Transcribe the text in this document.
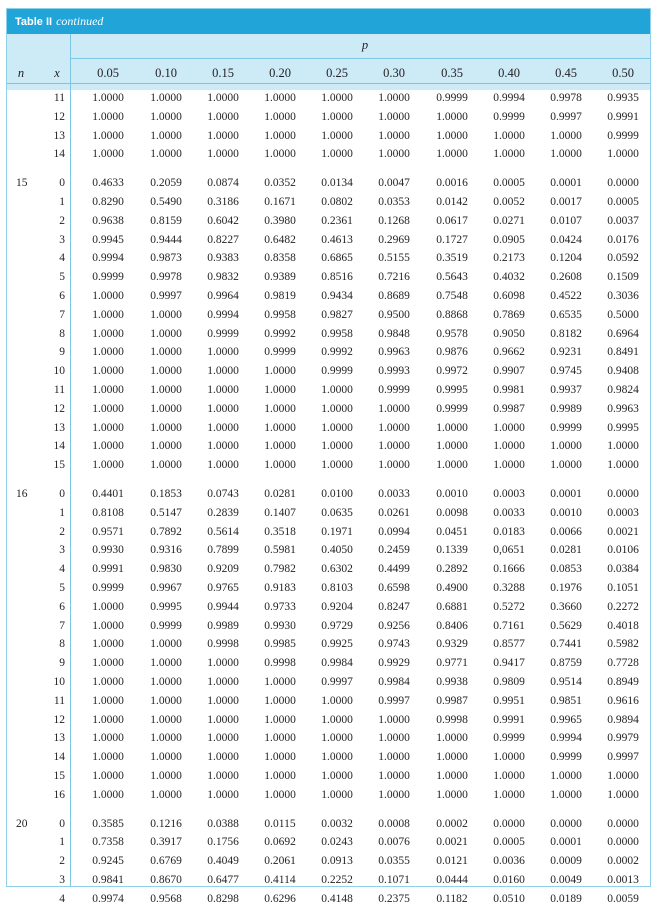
Table II continued
p
n	x	0.05	0.10	0.15	0.20	0.25	0.30	0.35	0.40	0.45	0.50
11	1.0000	1.0000	1.0000	1.0000	1.0000	1.0000	0.9999	0.9994	0.9978	0.9935
12	1.0000	1.0000	1.0000	1.0000	1.0000	1.0000	1.0000	0.9999	0.9997	0.9991
13	1.0000	1.0000	1.0000	1.0000	1.0000	1.0000	1.0000	1.0000	1.0000	0.9999
14	1.0000	1.0000	1.0000	1.0000	1.0000	1.0000	1.0000	1.0000	1.0000	1.0000
15	0	0.4633	0.2059	0.0874	0.0352	0.0134	0.0047	0.0016	0.0005	0.0001	0.0000
1	0.8290	0.5490	0.3186	0.1671	0.0802	0.0353	0.0142	0.0052	0.0017	0.0005
2	0.9638	0.8159	0.6042	0.3980	0.2361	0.1268	0.0617	0.0271	0.0107	0.0037
3	0.9945	0.9444	0.8227	0.6482	0.4613	0.2969	0.1727	0.0905	0.0424	0.0176
4	0.9994	0.9873	0.9383	0.8358	0.6865	0.5155	0.3519	0.2173	0.1204	0.0592
5	0.9999	0.9978	0.9832	0.9389	0.8516	0.7216	0.5643	0.4032	0.2608	0.1509
6	1.0000	0.9997	0.9964	0.9819	0.9434	0.8689	0.7548	0.6098	0.4522	0.3036
7	1.0000	1.0000	0.9994	0.9958	0.9827	0.9500	0.8868	0.7869	0.6535	0.5000
8	1.0000	1.0000	0.9999	0.9992	0.9958	0.9848	0.9578	0.9050	0.8182	0.6964
9	1.0000	1.0000	1.0000	0.9999	0.9992	0.9963	0.9876	0.9662	0.9231	0.8491
10	1.0000	1.0000	1.0000	1.0000	0.9999	0.9993	0.9972	0.9907	0.9745	0.9408
11	1.0000	1.0000	1.0000	1.0000	1.0000	0.9999	0.9995	0.9981	0.9937	0.9824
12	1.0000	1.0000	1.0000	1.0000	1.0000	1.0000	0.9999	0.9987	0.9989	0.9963
13	1.0000	1.0000	1.0000	1.0000	1.0000	1.0000	1.0000	1.0000	0.9999	0.9995
14	1.0000	1.0000	1.0000	1.0000	1.0000	1.0000	1.0000	1.0000	1.0000	1.0000
15	1.0000	1.0000	1.0000	1.0000	1.0000	1.0000	1.0000	1.0000	1.0000	1.0000
16	0	0.4401	0.1853	0.0743	0.0281	0.0100	0.0033	0.0010	0.0003	0.0001	0.0000
1	0.8108	0.5147	0.2839	0.1407	0.0635	0.0261	0.0098	0.0033	0.0010	0.0003
2	0.9571	0.7892	0.5614	0.3518	0.1971	0.0994	0.0451	0.0183	0.0066	0.0021
3	0.9930	0.9316	0.7899	0.5981	0.4050	0.2459	0.1339	0,0651	0.0281	0.0106
4	0.9991	0.9830	0.9209	0.7982	0.6302	0.4499	0.2892	0.1666	0.0853	0.0384
5	0.9999	0.9967	0.9765	0.9183	0.8103	0.6598	0.4900	0.3288	0.1976	0.1051
6	1.0000	0.9995	0.9944	0.9733	0.9204	0.8247	0.6881	0.5272	0.3660	0.2272
7	1.0000	0.9999	0.9989	0.9930	0.9729	0.9256	0.8406	0.7161	0.5629	0.4018
8	1.0000	1.0000	0.9998	0.9985	0.9925	0.9743	0.9329	0.8577	0.7441	0.5982
9	1.0000	1.0000	1.0000	0.9998	0.9984	0.9929	0.9771	0.9417	0.8759	0.7728
10	1.0000	1.0000	1.0000	1.0000	0.9997	0.9984	0.9938	0.9809	0.9514	0.8949
11	1.0000	1.0000	1.0000	1.0000	1.0000	0.9997	0.9987	0.9951	0.9851	0.9616
12	1.0000	1.0000	1.0000	1.0000	1.0000	1.0000	0.9998	0.9991	0.9965	0.9894
13	1.0000	1.0000	1.0000	1.0000	1.0000	1.0000	1.0000	0.9999	0.9994	0.9979
14	1.0000	1.0000	1.0000	1.0000	1.0000	1.0000	1.0000	1.0000	0.9999	0.9997
15	1.0000	1.0000	1.0000	1.0000	1.0000	1.0000	1.0000	1.0000	1.0000	1.0000
16	1.0000	1.0000	1.0000	1.0000	1.0000	1.0000	1.0000	1.0000	1.0000	1.0000
20	0	0.3585	0.1216	0.0388	0.0115	0.0032	0.0008	0.0002	0.0000	0.0000	0.0000
1	0.7358	0.3917	0.1756	0.0692	0.0243	0.0076	0.0021	0.0005	0.0001	0.0000
2	0.9245	0.6769	0.4049	0.2061	0.0913	0.0355	0.0121	0.0036	0.0009	0.0002
3	0.9841	0.8670	0.6477	0.4114	0.2252	0.1071	0.0444	0.0160	0.0049	0.0013
4	0.9974	0.9568	0.8298	0.6296	0.4148	0.2375	0.1182	0.0510	0.0189	0.0059
